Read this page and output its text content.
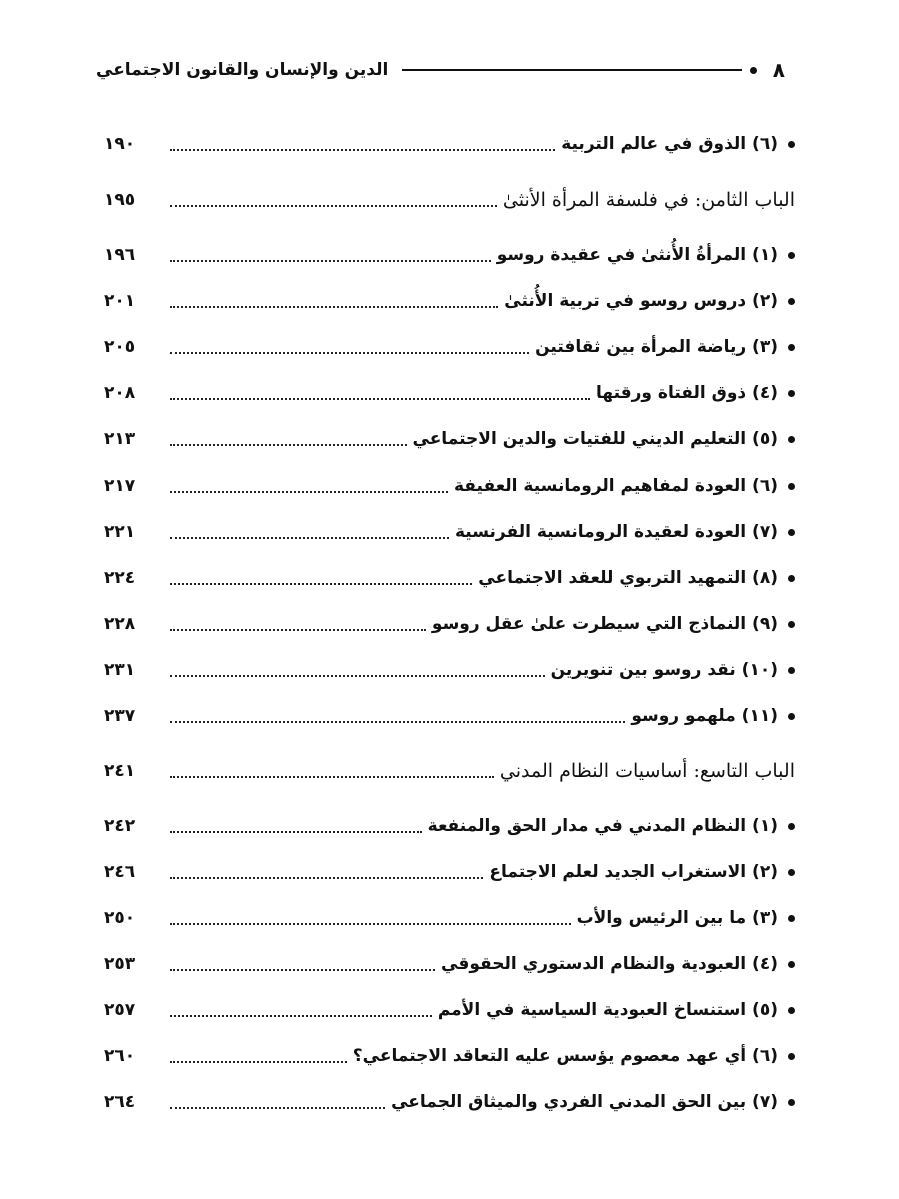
الدين والإنسان والقانون الاجتماعي	٨
(٦) الذوق في عالم التربية
١٩٠
الباب الثامن: في فلسفة المرأة الأنثىٰ
١٩٥
(١) المرأةُ الأُنثىٰ في عقيدة روسو
١٩٦
(٢) دروس روسو في تربية الأُنثىٰ
٢٠١
(٣) رياضة المرأة بين ثقافتين
٢٠٥
(٤) ذوق الفتاة ورقتها
٢٠٨
(٥) التعليم الديني للفتيات والدين الاجتماعي
٢١٣
(٦) العودة لمفاهيم الرومانسية العفيفة
٢١٧
(٧) العودة لعقيدة الرومانسية الفرنسية
٢٢١
(٨) التمهيد التربوي للعقد الاجتماعي
٢٢٤
(٩) النماذج التي سيطرت علىٰ عقل روسو
٢٢٨
(١٠) نقد روسو بين تنويرين
٢٣١
(١١) ملهمو روسو
٢٣٧
الباب التاسع: أساسيات النظام المدني
٢٤١
(١) النظام المدني في مدار الحق والمنفعة
٢٤٢
(٢) الاستغراب الجديد لعلم الاجتماع
٢٤٦
(٣) ما بين الرئيس والأب
٢٥٠
(٤) العبودية والنظام الدستوري الحقوقي
٢٥٣
(٥) استنساخ العبودية السياسية في الأمم
٢٥٧
(٦) أي عهد معصوم يؤسس عليه التعاقد الاجتماعي؟
٢٦٠
(٧) بين الحق المدني الفردي والميثاق الجماعي
٢٦٤
